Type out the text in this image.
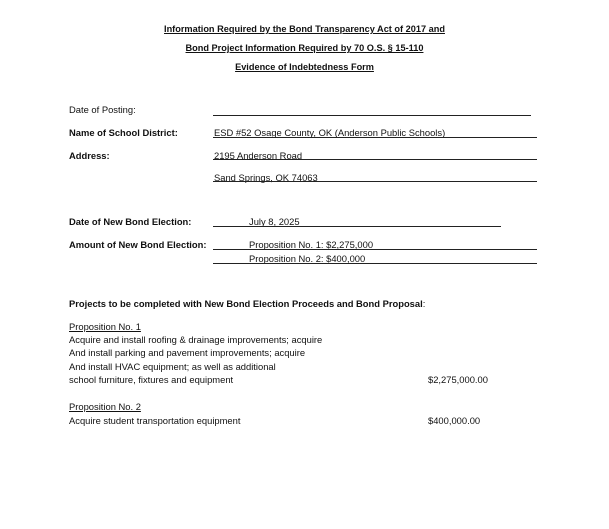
Information Required by the Bond Transparency Act of 2017 and
Bond Project Information Required by 70 O.S. § 15-110
Evidence of Indebtedness Form
Date of Posting:
Name of School District:	ESD #52 Osage County, OK (Anderson Public Schools)
Address:	2195 Anderson Road
Sand Springs, OK 74063
Date of New Bond Election:	July 8, 2025
Amount of New Bond Election:	Proposition No. 1: $2,275,000
Proposition No. 2: $400,000
Projects to be completed with New Bond Election Proceeds and Bond Proposal:
Proposition No. 1
Acquire and install roofing & drainage improvements; acquire
And install parking and pavement improvements; acquire
And install HVAC equipment; as well as additional
school furniture, fixtures and equipment	$2,275,000.00
Proposition No. 2
Acquire student transportation equipment	$400,000.00
